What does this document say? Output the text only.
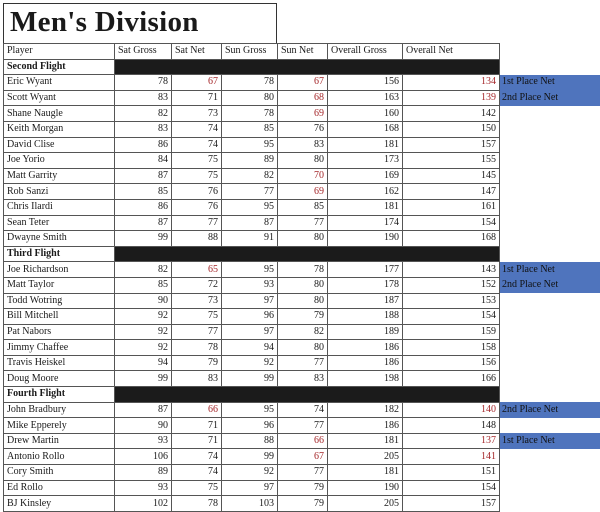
Men's Division
Player	Sat Gross	Sat Net	Sun Gross	Sun Net	Overall Gross	Overall Net	
Second Flight							
Eric Wyant	78	67	78	67	156	134	1st Place Net
Scott Wyant	83	71	80	68	163	139	2nd Place Net
Shane Naugle	82	73	78	69	160	142	
Keith Morgan	83	74	85	76	168	150	
David Clise	86	74	95	83	181	157	
Joe Yorio	84	75	89	80	173	155	
Matt Garrity	87	75	82	70	169	145	
Rob Sanzi	85	76	77	69	162	147	
Chris Ilardi	86	76	95	85	181	161	
Sean Teter	87	77	87	77	174	154	
Dwayne Smith	99	88	91	80	190	168	
Third Flight							
Joe Richardson	82	65	95	78	177	143	1st Place Net
Matt Taylor	85	72	93	80	178	152	2nd Place Net
Todd Wotring	90	73	97	80	187	153	
Bill Mitchell	92	75	96	79	188	154	
Pat Nabors	92	77	97	82	189	159	
Jimmy Chaffee	92	78	94	80	186	158	
Travis Heiskel	94	79	92	77	186	156	
Doug Moore	99	83	99	83	198	166	
Fourth Flight							
John Bradbury	87	66	95	74	182	140	2nd Place Net
Mike Epperely	90	71	96	77	186	148	
Drew Martin	93	71	88	66	181	137	1st Place Net
Antonio Rollo	106	74	99	67	205	141	
Cory Smith	89	74	92	77	181	151	
Ed Rollo	93	75	97	79	190	154	
BJ Kinsley	102	78	103	79	205	157	
